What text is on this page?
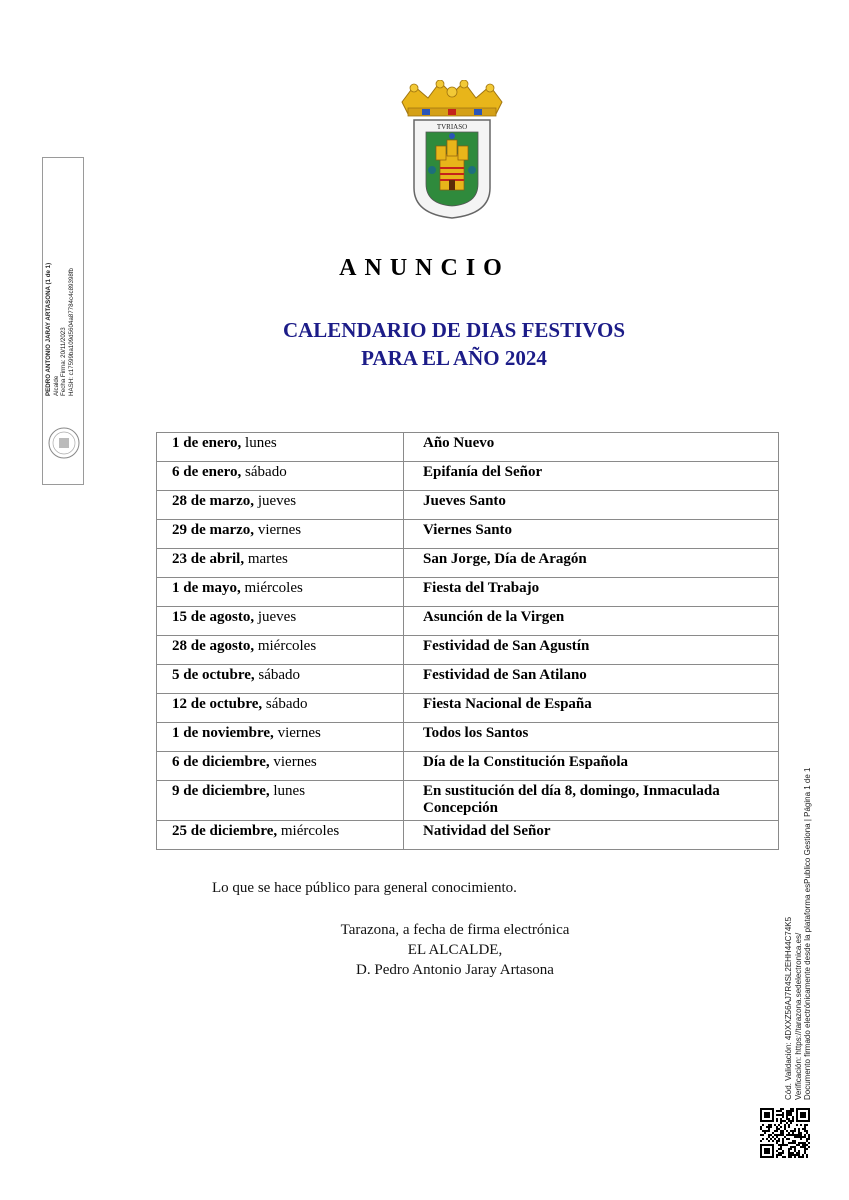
PEDRO ANTONIO JARAY ARTASONA (1 de 1) Alcalde Fecha Firma: 20/11/2023 HASH: c17599ba109d5604a87784c4c89398fb
TVRIASO
ANUNCIO
CALENDARIO DE DIAS FESTIVOS
PARA EL AÑO 2024
1 de enero, lunes	Año Nuevo
6 de enero, sábado	Epifanía del Señor
28 de marzo, jueves	Jueves Santo
29 de marzo, viernes	Viernes Santo
23 de abril, martes	San Jorge, Día de Aragón
1 de mayo, miércoles	Fiesta del Trabajo
15 de agosto, jueves	Asunción de la Virgen
28 de agosto, miércoles	Festividad de San Agustín
5 de octubre, sábado	Festividad de San Atilano
12 de octubre, sábado	Fiesta Nacional de España
1 de noviembre, viernes	Todos los Santos
6 de diciembre, viernes	Día de la Constitución Española
9 de diciembre, lunes	En sustitución del día 8, domingo, Inmaculada Concepción
25 de diciembre, miércoles	Natividad del Señor
Lo que se hace público para general conocimiento.
Tarazona, a fecha de firma electrónica
EL ALCALDE,
D. Pedro Antonio Jaray Artasona	Cód. Validación: 4DXXZ56AJ7R4SL2EHH44C74K5 Verificación: https://tarazona.sedelectronica.es/ Documento firmado electrónicamente desde la plataforma esPublico Gestiona | Página 1 de 1
